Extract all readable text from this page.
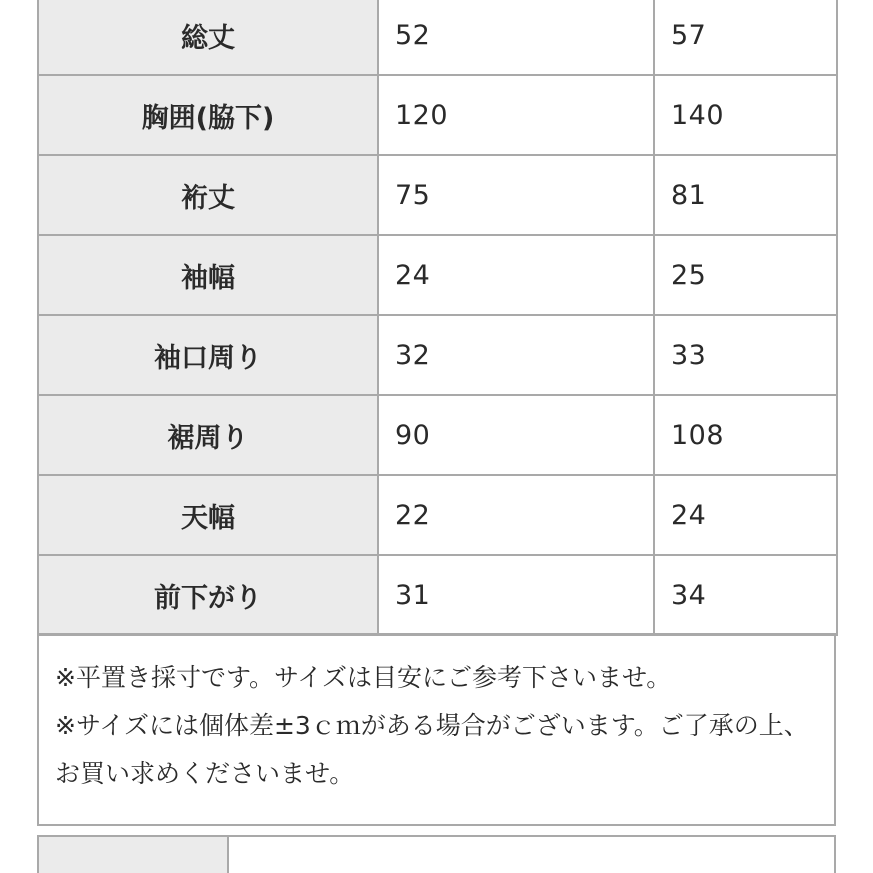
総丈	52	57
胸囲(脇下)	120	140
裄丈	75	81
袖幅	24	25
袖口周り	32	33
裾周り	90	108
天幅	22	24
前下がり	31	34

※平置き採寸です。サイズは目安にご参考下さいませ。

※サイズには個体差±3ｃｍがある場合がございます。ご了承の上、お買い求めくださいませ。
